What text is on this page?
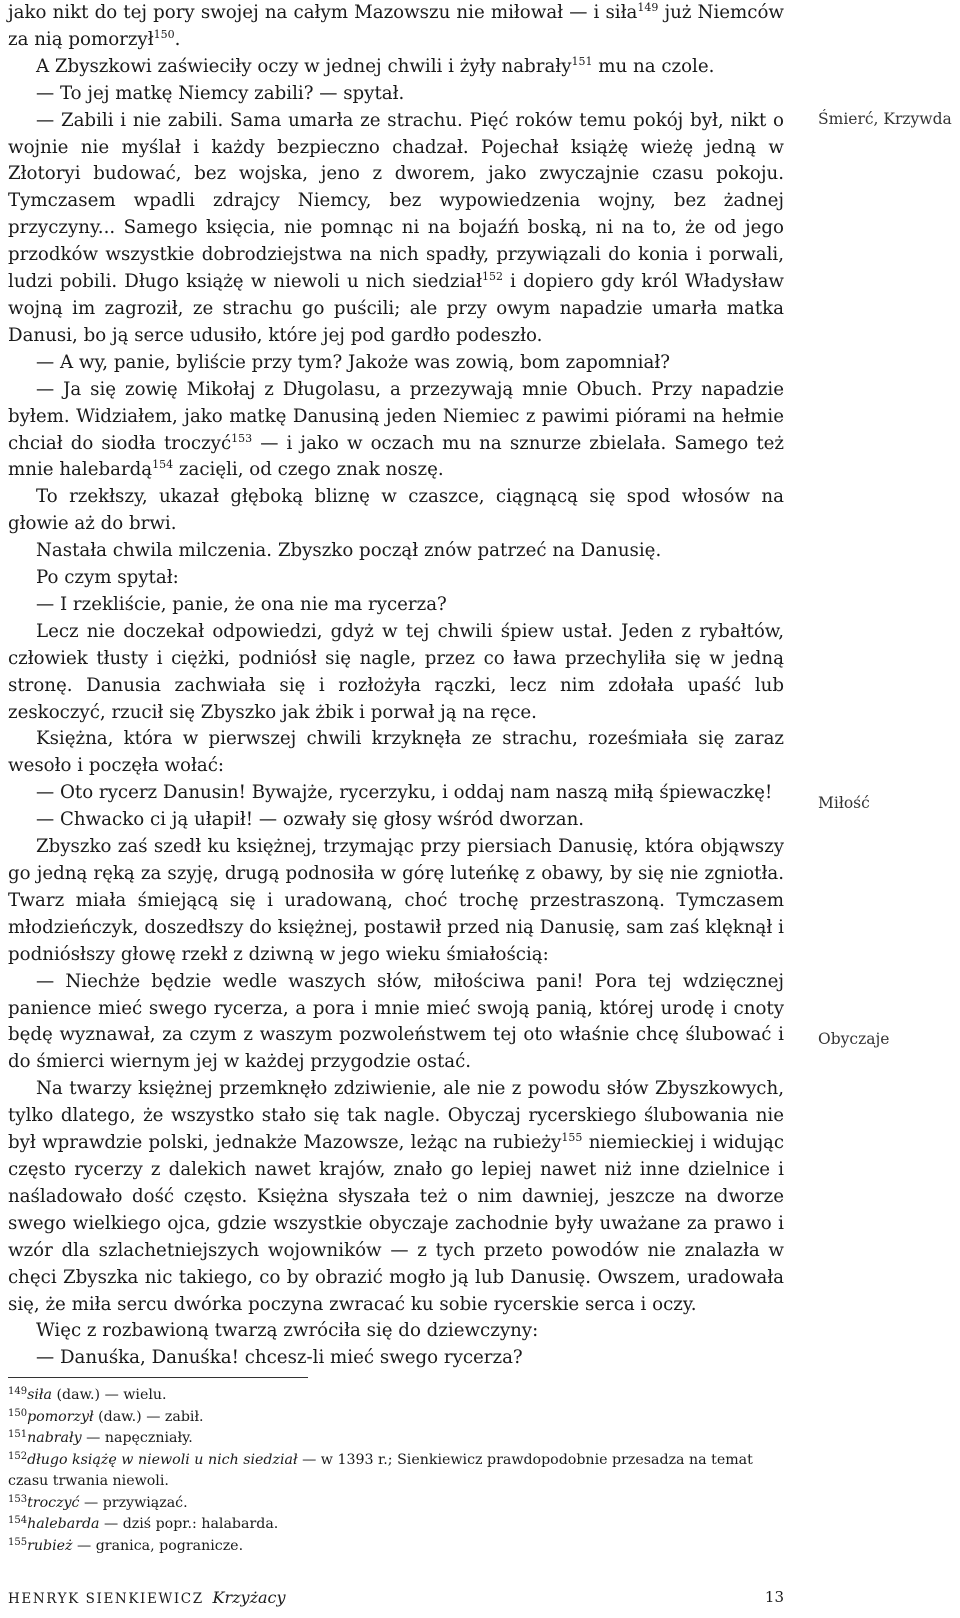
jako nikt do tej pory swojej na całym Mazowszu nie miłował — i siła$^{149}$ już Niemców za nią pomorzył$^{150}$.

A Zbyszkowi zaświeciły oczy w jednej chwili i żyły nabrały$^{151}$ mu na czole.

— To jej matkę Niemcy zabili? — spytał.

— Zabili i nie zabili. Sama umarła ze strachu. Pięć roków temu pokój był, nikt o wojnie nie myślał i każdy bezpieczno chadzał. Pojechał książę wieżę jedną w Złotoryi budować, bez wojska, jeno z dworem, jako zwyczajnie czasu pokoju. Tymczasem wpadli zdrajcy Niemcy, bez wypowiedzenia wojny, bez żadnej przyczyny... Samego księcia, nie pomnąc ni na bojaźń boską, ni na to, że od jego przodków wszystkie dobrodziejstwa na nich spadły, przywiązali do konia i porwali, ludzi pobili. Długo książę w niewoli u nich siedział$^{152}$ i dopiero gdy król Władysław wojną im zagroził, ze strachu go puścili; ale przy owym napadzie umarła matka Danusi, bo ją serce udusiło, które jej pod gardło podeszło.

— A wy, panie, byliście przy tym? Jakoże was zowią, bom zapomniał?

— Ja się zowię Mikołaj z Długolasu, a przezywają mnie Obuch. Przy napadzie byłem. Widziałem, jako matkę Danusiną jeden Niemiec z pawimi piórami na hełmie chciał do siodła troczyć$^{153}$ — i jako w oczach mu na sznurze zbielała. Samego też mnie halebardą$^{154}$ zacięli, od czego znak noszę.

To rzekłszy, ukazał głęboką bliznę w czaszce, ciągnącą się spod włosów na głowie aż do brwi.

Nastała chwila milczenia. Zbyszko począł znów patrzeć na Danusię.

Po czym spytał:

— I rzekliście, panie, że ona nie ma rycerza?

Lecz nie doczekał odpowiedzi, gdyż w tej chwili śpiew ustał. Jeden z rybałtów, człowiek tłusty i ciężki, podniósł się nagle, przez co ława przechyliła się w jedną stronę. Danusia zachwiała się i rozłożyła rączki, lecz nim zdołała upaść lub zeskoczyć, rzucił się Zbyszko jak żbik i porwał ją na ręce.

Księżna, która w pierwszej chwili krzyknęła ze strachu, roześmiała się zaraz wesoło i poczęła wołać:

— Oto rycerz Danusin! Bywajże, rycerzyku, i oddaj nam naszą miłą śpiewaczkę!

— Chwacko ci ją ułapił! — ozwały się głosy wśród dworzan.

Zbyszko zaś szedł ku księżnej, trzymając przy piersiach Danusię, która objąwszy go jedną ręką za szyję, drugą podnosiła w górę luteńkę z obawy, by się nie zgniotła. Twarz miała śmiejącą się i uradowaną, choć trochę przestraszoną. Tymczasem młodzieńczyk, doszedłszy do księżnej, postawił przed nią Danusię, sam zaś klęknął i podniósłszy głowę rzekł z dziwną w jego wieku śmiałością:

— Niechże będzie wedle waszych słów, miłościwa pani! Pora tej wdzięcznej panience mieć swego rycerza, a pora i mnie mieć swoją panią, której urodę i cnoty będę wyznawał, za czym z waszym pozwoleństwem tej oto właśnie chcę ślubować i do śmierci wiernym jej w każdej przygodzie ostać.

Na twarzy księżnej przemknęło zdziwienie, ale nie z powodu słów Zbyszkowych, tylko dlatego, że wszystko stało się tak nagle. Obyczaj rycerskiego ślubowania nie był wprawdzie polski, jednakże Mazowsze, leżąc na rubieży$^{155}$ niemieckiej i widując często rycerzy z dalekich nawet krajów, znało go lepiej nawet niż inne dzielnice i naśladowało dość często. Księżna słyszała też o nim dawniej, jeszcze na dworze swego wielkiego ojca, gdzie wszystkie obyczaje zachodnie były uważane za prawo i wzór dla szlachetniejszych wojowników — z tych przeto powodów nie znalazła w chęci Zbyszka nic takiego, co by obrazić mogło ją lub Danusię. Owszem, uradowała się, że miła sercu dwórka poczyna zwracać ku sobie rycerskie serca i oczy.

Więc z rozbawioną twarzą zwróciła się do dziewczyny:

— Danuśka, Danuśka! chcesz-li mieć swego rycerza?

Śmierć, Krzywda
Miłość
Obyczaje

$^{149}$siła (daw.) — wielu.

$^{150}$pomorzył (daw.) — zabił.

$^{151}$nabrały — napęczniały.

$^{152}$długo książę w niewoli u nich siedział — w 1393 r.; Sienkiewicz prawdopodobnie przesadza na temat czasu trwania niewoli.

$^{153}$troczyć — przywiązać.

$^{154}$halebarda — dziś popr.: halabarda.

$^{155}$rubież — granica, pogranicze.

HENRYK SIENKIEWICZ Krzyżacy	13
